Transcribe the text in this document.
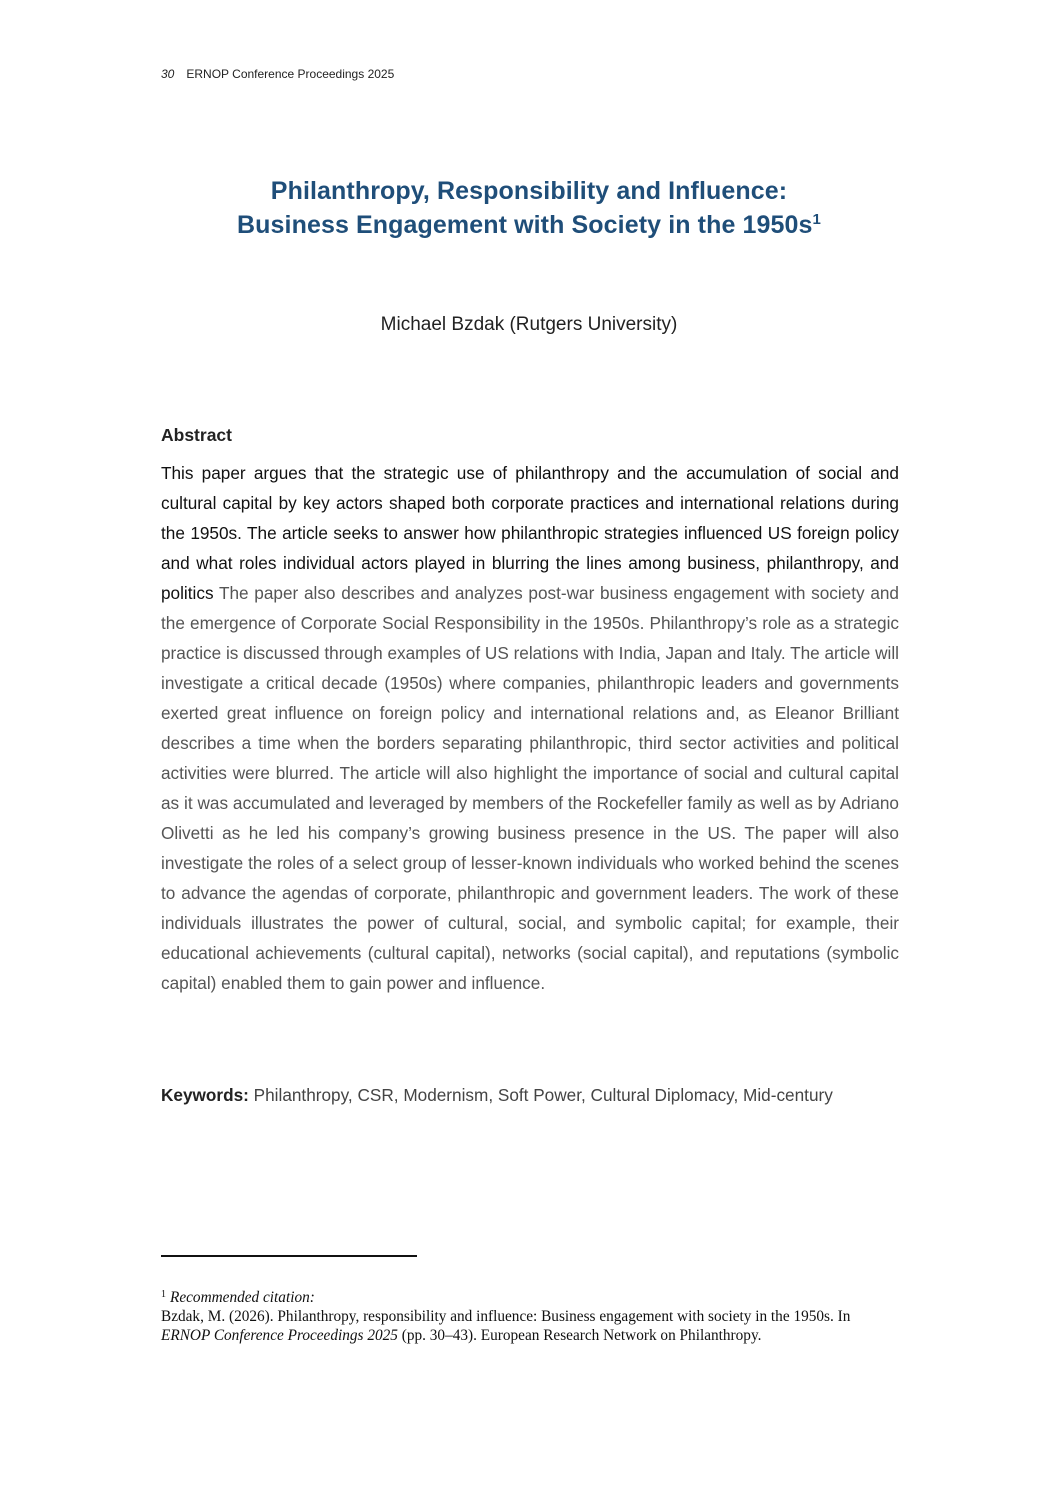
30 ERNOP Conference Proceedings 2025
Philanthropy, Responsibility and Influence:
Business Engagement with Society in the $1950s^1$
Michael Bzdak (Rutgers University)
Abstract

This paper argues that the strategic use of philanthropy and the accumulation of social and cultural capital by key actors shaped both corporate practices and international relations during the 1950s. The article seeks to answer how philanthropic strategies influenced US foreign policy and what roles individual actors played in blurring the lines among business, philanthropy, and politics The paper also describes and analyzes post-war business engagement with society and the emergence of Corporate Social Responsibility in the 1950s. Philanthropy’s role as a strategic practice is discussed through examples of US relations with India, Japan and Italy. The article will investigate a critical decade (1950s) where companies, philanthropic leaders and governments exerted great influence on foreign policy and international relations and, as Eleanor Brilliant describes a time when the borders separating philanthropic, third sector activities and political activities were blurred. The article will also highlight the importance of social and cultural capital as it was accumulated and leveraged by members of the Rockefeller family as well as by Adriano Olivetti as he led his company’s growing business presence in the US. The paper will also investigate the roles of a select group of lesser-known individuals who worked behind the scenes to advance the agendas of corporate, philanthropic and government leaders. The work of these individuals illustrates the power of cultural, social, and symbolic capital; for example, their educational achievements (cultural capital), networks (social capital), and reputations (symbolic capital) enabled them to gain power and influence.

Keywords: Philanthropy, CSR, Modernism, Soft Power, Cultural Diplomacy, Mid-century

$^1$ Recommended citation:

Bzdak, M. (2026). Philanthropy, responsibility and influence: Business engagement with society in the 1950s. In ERNOP Conference Proceedings 2025 (pp. 30–43). European Research Network on Philanthropy.
